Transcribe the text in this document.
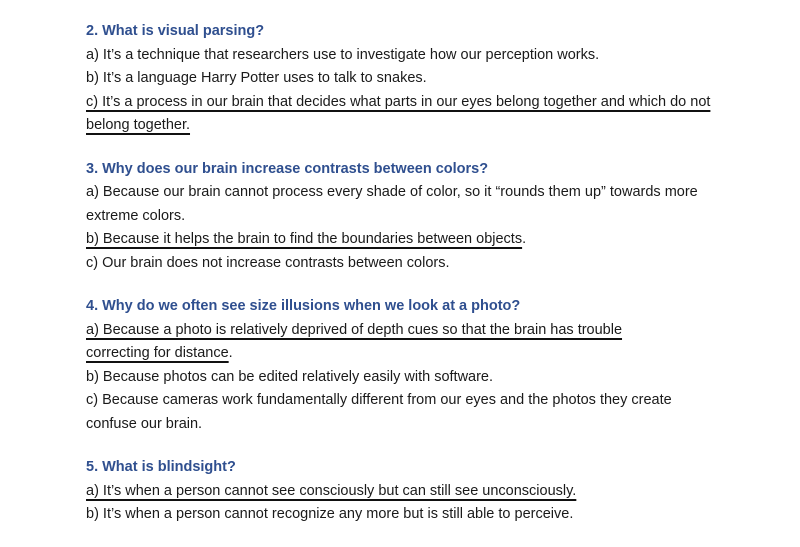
2. What is visual parsing?
a) It’s a technique that researchers use to investigate how our perception works.
b) It’s a language Harry Potter uses to talk to snakes.
c) It’s a process in our brain that decides what parts in our eyes belong together and which do not belong together.
3. Why does our brain increase contrasts between colors?
a) Because our brain cannot process every shade of color, so it “rounds them up” towards more extreme colors.
b) Because it helps the brain to find the boundaries between objects.
c) Our brain does not increase contrasts between colors.
4. Why do we often see size illusions when we look at a photo?
a) Because a photo is relatively deprived of depth cues so that the brain has trouble correcting for distance.
b) Because photos can be edited relatively easily with software.
c) Because cameras work fundamentally different from our eyes and the photos they create confuse our brain.
5. What is blindsight?
a) It’s when a person cannot see consciously but can still see unconsciously.
b) It’s when a person cannot recognize any more but is still able to perceive.
